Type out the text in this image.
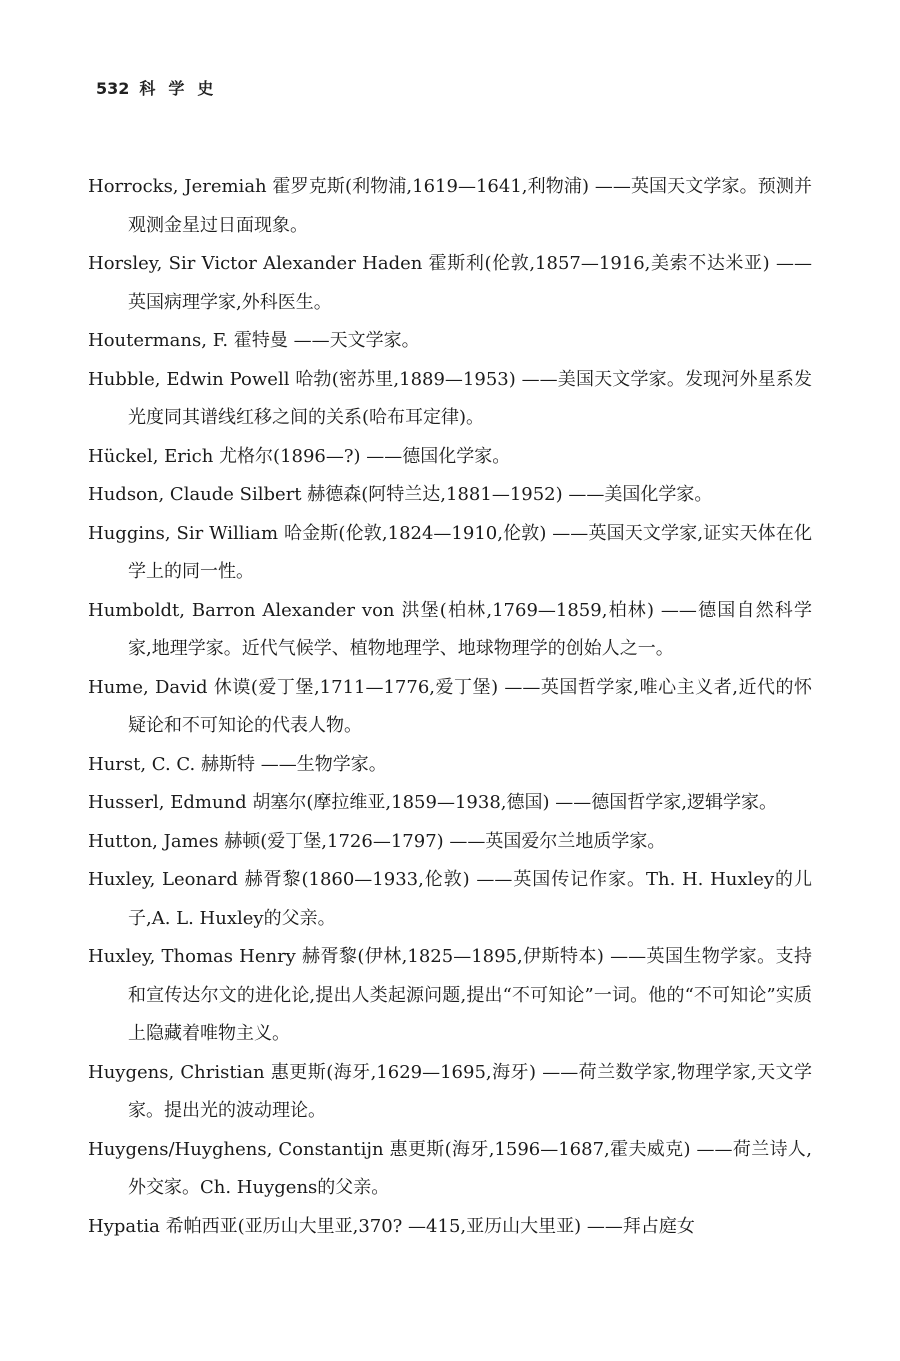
532 科学史

Horrocks, Jeremiah 霍罗克斯(利物浦,1619—1641,利物浦) ——英国天文学家。预测并观测金星过日面现象。

Horsley, Sir Victor Alexander Haden 霍斯利(伦敦,1857—1916,美索不达米亚) ——英国病理学家,外科医生。

Houtermans, F. 霍特曼 ——天文学家。

Hubble, Edwin Powell 哈勃(密苏里,1889—1953) ——美国天文学家。发现河外星系发光度同其谱线红移之间的关系(哈布耳定律)。

Hückel, Erich 尤格尔(1896—?) ——德国化学家。

Hudson, Claude Silbert 赫德森(阿特兰达,1881—1952) ——美国化学家。

Huggins, Sir William 哈金斯(伦敦,1824—1910,伦敦) ——英国天文学家,证实天体在化学上的同一性。

Humboldt, Barron Alexander von 洪堡(柏林,1769—1859,柏林) ——德国自然科学家,地理学家。近代气候学、植物地理学、地球物理学的创始人之一。

Hume, David 休谟(爱丁堡,1711—1776,爱丁堡) ——英国哲学家,唯心主义者,近代的怀疑论和不可知论的代表人物。

Hurst, C. C. 赫斯特 ——生物学家。

Husserl, Edmund 胡塞尔(摩拉维亚,1859—1938,德国) ——德国哲学家,逻辑学家。

Hutton, James 赫顿(爱丁堡,1726—1797) ——英国爱尔兰地质学家。

Huxley, Leonard 赫胥黎(1860—1933,伦敦) ——英国传记作家。Th. H. Huxley的儿子,A. L. Huxley的父亲。

Huxley, Thomas Henry 赫胥黎(伊林,1825—1895,伊斯特本) ——英国生物学家。支持和宣传达尔文的进化论,提出人类起源问题,提出“不可知论”一词。他的“不可知论”实质上隐藏着唯物主义。

Huygens, Christian 惠更斯(海牙,1629—1695,海牙) ——荷兰数学家,物理学家,天文学家。提出光的波动理论。

Huygens/Huyghens, Constantijn 惠更斯(海牙,1596—1687,霍夫威克) ——荷兰诗人,外交家。Ch. Huygens的父亲。

Hypatia 希帕西亚(亚历山大里亚,370? —415,亚历山大里亚) ——拜占庭女
